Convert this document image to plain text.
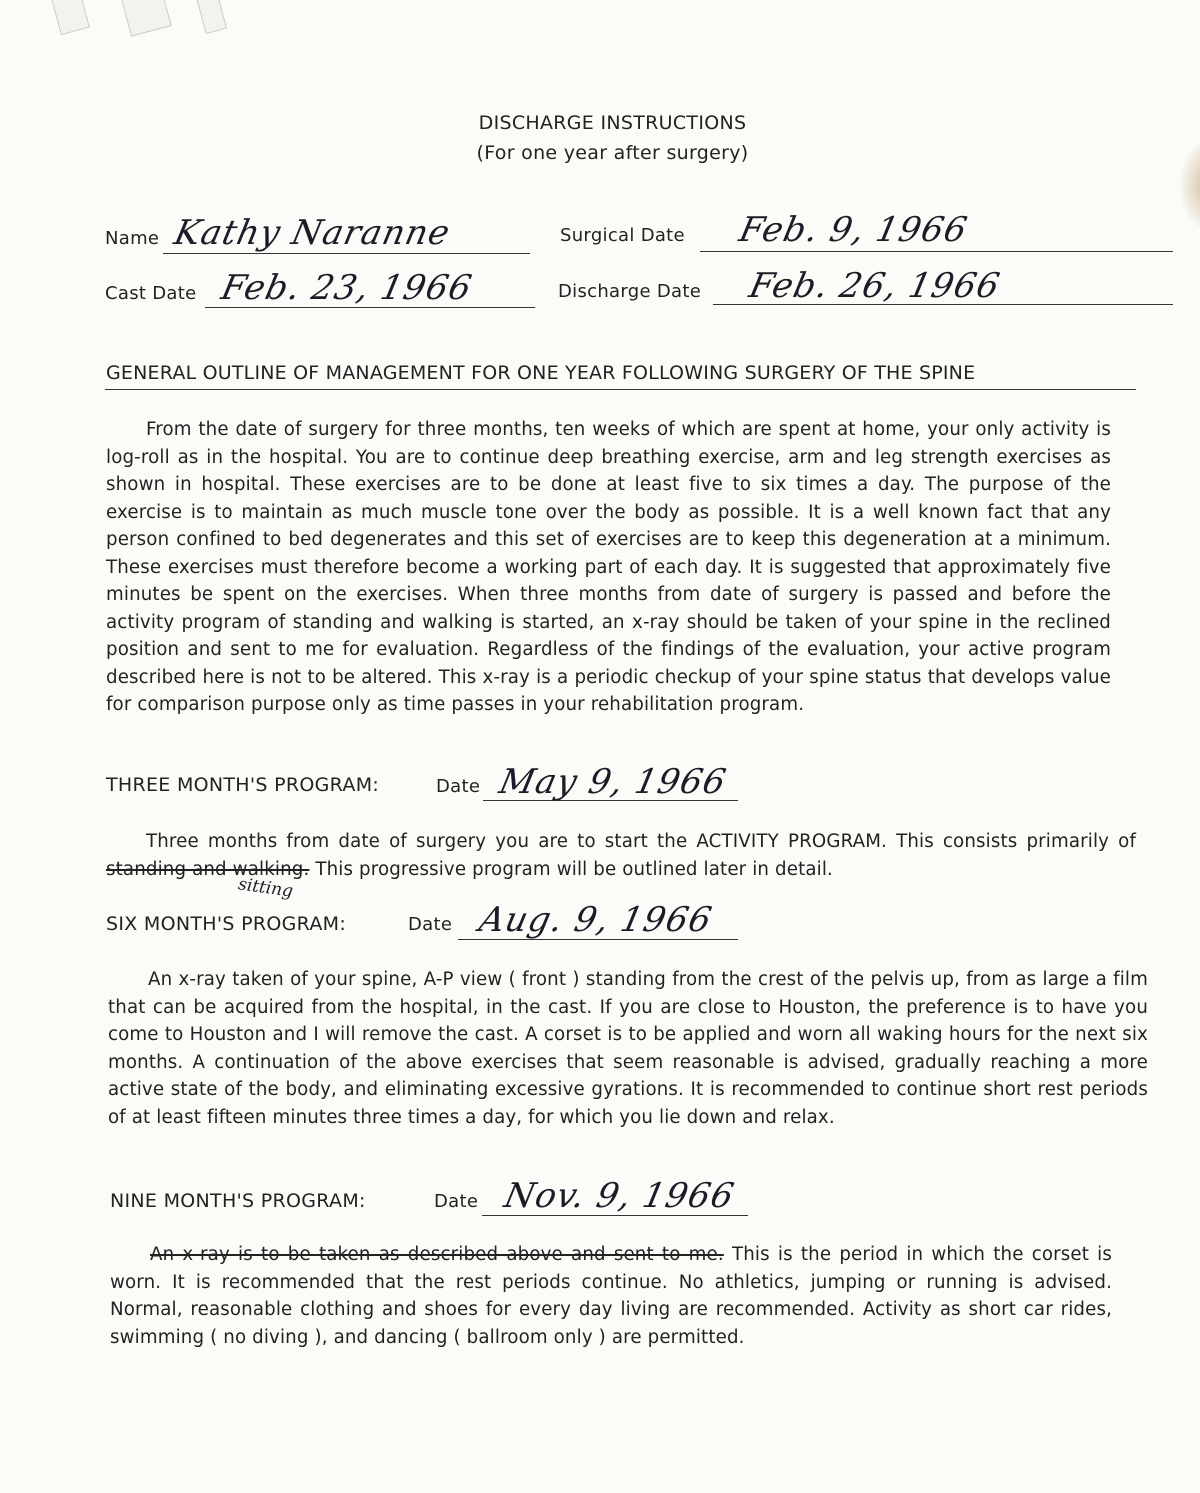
DISCHARGE INSTRUCTIONS
(For one year after surgery)
Name Kathy Naranne	Surgical Date Feb. 9, 1966
Cast Date Feb. 23, 1966	Discharge Date Feb. 26, 1966
GENERAL OUTLINE OF MANAGEMENT FOR ONE YEAR FOLLOWING SURGERY OF THE SPINE
From the date of surgery for three months, ten weeks of which are spent at home, your only activity is log-roll as in the hospital. You are to continue deep breathing exercise, arm and leg strength exercises as shown in hospital. These exercises are to be done at least five to six times a day. The purpose of the exercise is to maintain as much muscle tone over the body as possible. It is a well known fact that any person confined to bed degenerates and this set of exercises are to keep this degeneration at a minimum. These exercises must therefore become a working part of each day. It is suggested that approximately five minutes be spent on the exercises. When three months from date of surgery is passed and before the activity program of standing and walking is started, an x-ray should be taken of your spine in the reclined position and sent to me for evaluation. Regardless of the findings of the evaluation, your active program described here is not to be altered. This x-ray is a periodic checkup of your spine status that develops value for comparison purpose only as time passes in your rehabilitation program.
THREE MONTH'S PROGRAM:	Date May 9, 1966
Three months from date of surgery you are to start the ACTIVITY PROGRAM. This consists primarily of standing and walking. This progressive program will be outlined later in detail.
sitting
SIX MONTH'S PROGRAM:	Date Aug. 9, 1966
An x-ray taken of your spine, A-P view ( front ) standing from the crest of the pelvis up, from as large a film that can be acquired from the hospital, in the cast. If you are close to Houston, the preference is to have you come to Houston and I will remove the cast. A corset is to be applied and worn all waking hours for the next six months. A continuation of the above exercises that seem reasonable is advised, gradually reaching a more active state of the body, and eliminating excessive gyrations. It is recommended to continue short rest periods of at least fifteen minutes three times a day, for which you lie down and relax.
NINE MONTH'S PROGRAM:	Date Nov. 9, 1966
An x-ray is to be taken as described above and sent to me. This is the period in which the corset is worn. It is recommended that the rest periods continue. No athletics, jumping or running is advised. Normal, reasonable clothing and shoes for every day living are recommended. Activity as short car rides, swimming ( no diving ), and dancing ( ballroom only ) are permitted.
